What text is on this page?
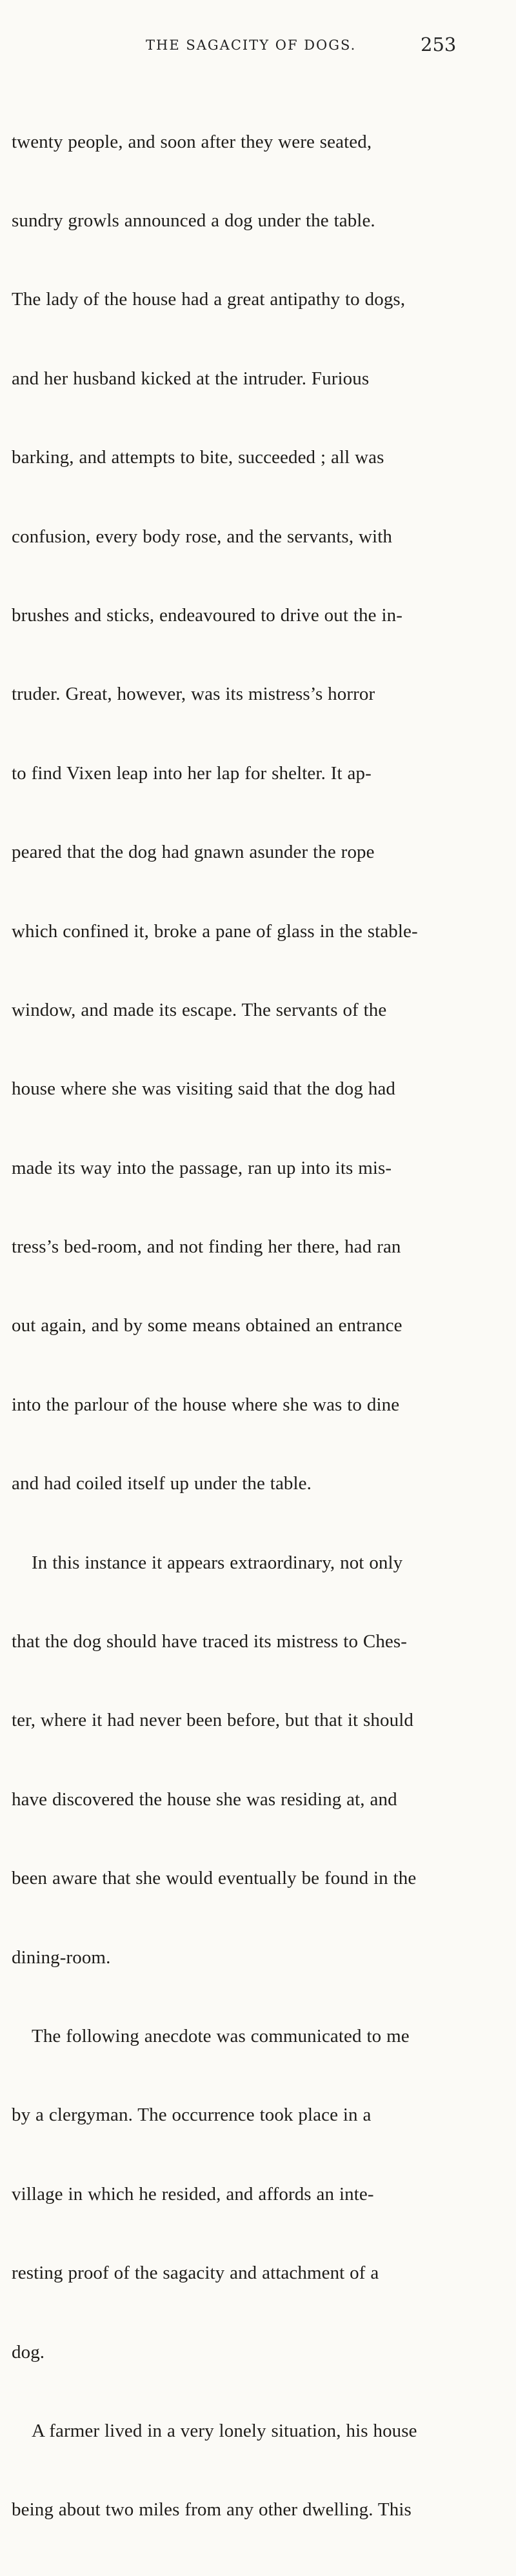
THE SAGACITY OF DOGS.	253

twenty people, and soon after they were seated,

sundry growls announced a dog under the table.

The lady of the house had a great antipathy to dogs,

and her husband kicked at the intruder. Furious

barking, and attempts to bite, succeeded ; all was

confusion, every body rose, and the servants, with

brushes and sticks, endeavoured to drive out the in-

truder. Great, however, was its mistress’s horror

to find Vixen leap into her lap for shelter. It ap-

peared that the dog had gnawn asunder the rope

which confined it, broke a pane of glass in the stable-

window, and made its escape. The servants of the

house where she was visiting said that the dog had

made its way into the passage, ran up into its mis-

tress’s bed-room, and not finding her there, had ran

out again, and by some means obtained an entrance

into the parlour of the house where she was to dine

and had coiled itself up under the table.

In this instance it appears extraordinary, not only

that the dog should have traced its mistress to Ches-

ter, where it had never been before, but that it should

have discovered the house she was residing at, and

been aware that she would eventually be found in the

dining-room.

The following anecdote was communicated to me

by a clergyman. The occurrence took place in a

village in which he resided, and affords an inte-

resting proof of the sagacity and attachment of a

dog.

A farmer lived in a very lonely situation, his house

being about two miles from any other dwelling. This
